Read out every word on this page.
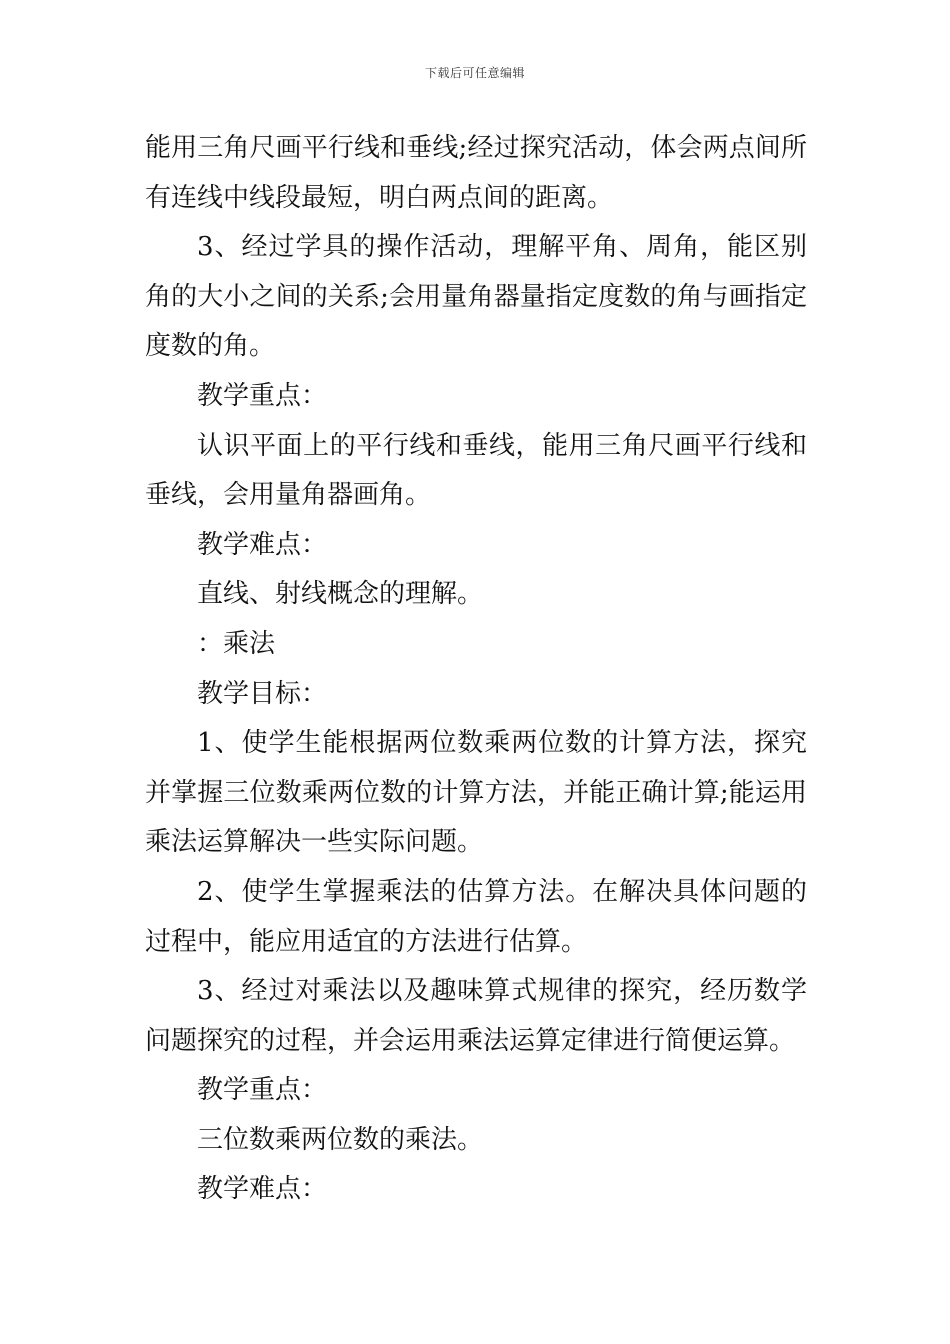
下载后可任意编辑

能用三角尺画平行线和垂线;经过探究活动，体会两点间所有连线中线段最短，明白两点间的距离。

3、经过学具的操作活动，理解平角、周角，能区别角的大小之间的关系;会用量角器量指定度数的角与画指定度数的角。

教学重点：

认识平面上的平行线和垂线，能用三角尺画平行线和垂线，会用量角器画角。

教学难点：

直线、射线概念的理解。

：乘法

教学目标：

1、使学生能根据两位数乘两位数的计算方法，探究并掌握三位数乘两位数的计算方法，并能正确计算;能运用乘法运算解决一些实际问题。

2、使学生掌握乘法的估算方法。在解决具体问题的过程中，能应用适宜的方法进行估算。

3、经过对乘法以及趣味算式规律的探究，经历数学问题探究的过程，并会运用乘法运算定律进行简便运算。

教学重点：

三位数乘两位数的乘法。

教学难点：
